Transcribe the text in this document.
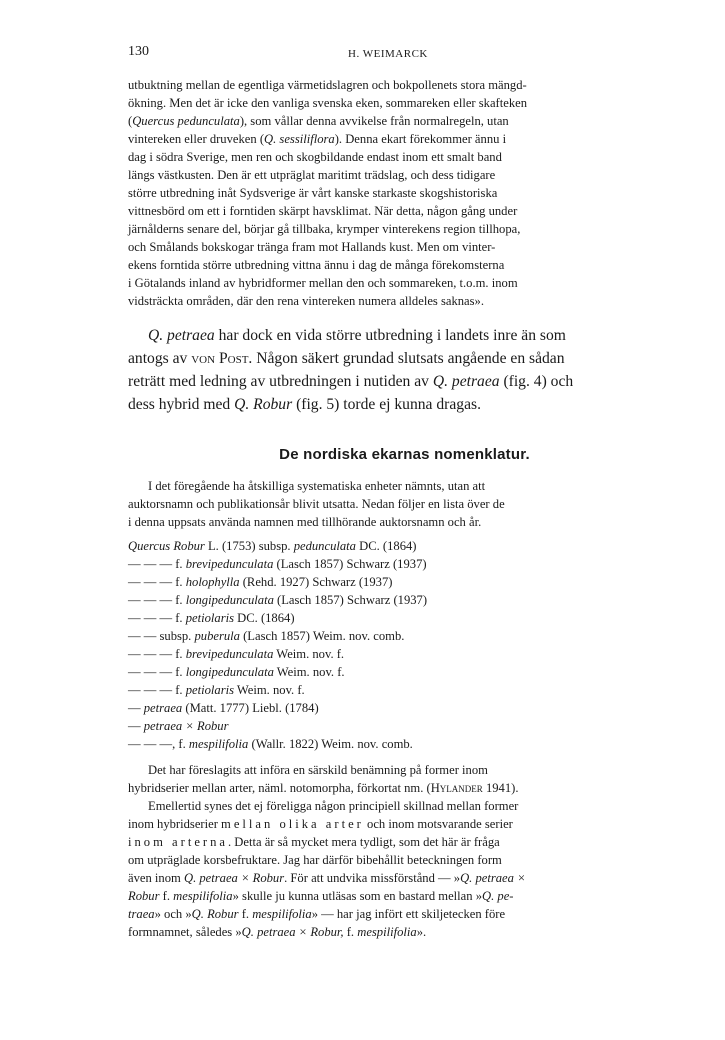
130	H. WEIMARCK

utbuktning mellan de egentliga värmetidslagren och bokpollenets stora mängd-

ökning. Men det är icke den vanliga svenska eken, sommareken eller skafteken

(Quercus pedunculata), som vållar denna avvikelse från normalregeln, utan

vintereken eller druveken (Q. sessiliflora). Denna ekart förekommer ännu i

dag i södra Sverige, men ren och skogbildande endast inom ett smalt band

längs västkusten. Den är ett utpräglat maritimt trädslag, och dess tidigare

större utbredning inåt Sydsverige är vårt kanske starkaste skogshistoriska

vittnesbörd om ett i forntiden skärpt havsklimat. När detta, någon gång under

järnålderns senare del, börjar gå tillbaka, krymper vinterekens region tillhopa,

och Smålands bokskogar tränga fram mot Hallands kust. Men om vinter-

ekens forntida större utbredning vittna ännu i dag de många förekomsterna

i Götalands inland av hybridformer mellan den och sommareken, t.o.m. inom

vidsträckta områden, där den rena vintereken numera alldeles saknas».

Q. petraea har dock en vida större utbredning i landets inre än som

antogs av von Post. Någon säkert grundad slutsats angående en sådan

reträtt med ledning av utbredningen i nutiden av Q. petraea (fig. 4) och

dess hybrid med Q. Robur (fig. 5) torde ej kunna dragas.

De nordiska ekarnas nomenklatur.

I det föregående ha åtskilliga systematiska enheter nämnts, utan att

auktorsnamn och publikationsår blivit utsatta. Nedan följer en lista över de

i denna uppsats använda namnen med tillhörande auktorsnamn och år.

Quercus Robur L. (1753) subsp. pedunculata DC. (1864)
— — — f. brevipedunculata (Lasch 1857) Schwarz (1937)
— — — f. holophylla (Rehd. 1927) Schwarz (1937)
— — — f. longipedunculata (Lasch 1857) Schwarz (1937)
— — — f. petiolaris DC. (1864)
— — subsp. puberula (Lasch 1857) Weim. nov. comb.
— — — f. brevipedunculata Weim. nov. f.
— — — f. longipedunculata Weim. nov. f.
— — — f. petiolaris Weim. nov. f.
— petraea (Matt. 1777) Liebl. (1784)
— petraea × Robur
— — —, f. mespilifolia (Wallr. 1822) Weim. nov. comb.

Det har föreslagits att införa en särskild benämning på former inom

hybridserier mellan arter, näml. notomorpha, förkortat nm. (Hylander 1941).

Emellertid synes det ej föreligga någon principiell skillnad mellan former

inom hybridserier mellan olika arter och inom motsvarande serier

inom arterna. Detta är så mycket mera tydligt, som det här är fråga

om utpräglade korsbefruktare. Jag har därför bibehållit beteckningen form

även inom Q. petraea × Robur. För att undvika missförstånd — »Q. petraea ×

Robur f. mespilifolia» skulle ju kunna utläsas som en bastard mellan »Q. pe-

traea» och »Q. Robur f. mespilifolia» — har jag infört ett skiljetecken före

formnamnet, således »Q. petraea × Robur, f. mespilifolia».
